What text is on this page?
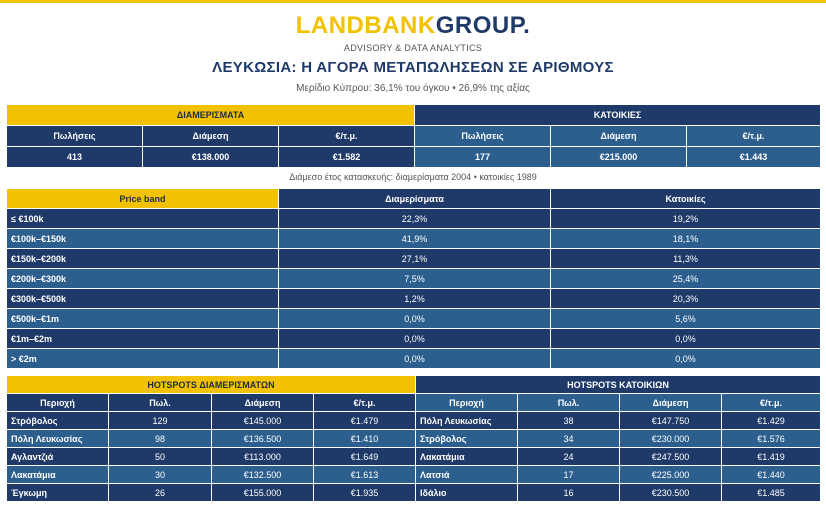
LANDBANKGROUP.
ADVISORY & DATA ANALYTICS
ΛΕΥΚΩΣΙΑ: Η ΑΓΟΡΑ ΜΕΤΑΠΩΛΗΣΕΩΝ ΣΕ ΑΡΙΘΜΟΥΣ
Μερίδιο Κύπρου: 36,1% του όγκου • 26,9% της αξίας
ΔΙΑΜΕΡΙΣΜΑΤΑ			ΚΑΤΟΙΚΙΕΣ		
Πωλήσεις	Διάμεση	€/τ.μ.	Πωλήσεις	Διάμεση	€/τ.μ.
413	€138.000	€1.582	177	€215.000	€1.443
Διάμεσο έτος κατασκευής: διαμερίσματα 2004 • κατοικίες 1989
Price band	Διαμερίσματα	Κατοικίες
≤ €100k	22,3%	19,2%
€100k–€150k	41,9%	18,1%
€150k–€200k	27,1%	11,3%
€200k–€300k	7,5%	25,4%
€300k–€500k	1,2%	20,3%
€500k–€1m	0,0%	5,6%
€1m–€2m	0,0%	0,0%
> €2m	0,0%	0,0%
HOTSPOTS ΔΙΑΜΕΡΙΣΜΑΤΩΝ				HOTSPOTS ΚΑΤΟΙΚΙΩΝ			
Περιοχή	Πωλ.	Διάμεση	€/τ.μ.	Περιοχή	Πωλ.	Διάμεση	€/τ.μ.
Στρόβολος	129	€145.000	€1.479	Πόλη Λευκωσίας	38	€147.750	€1.429
Πόλη Λευκωσίας	98	€136.500	€1.410	Στρόβολος	34	€230.000	€1.576
Αγλαντζιά	50	€113.000	€1.649	Λακατάμια	24	€247.500	€1.419
Λακατάμια	30	€132.500	€1.613	Λατσιά	17	€225.000	€1.440
Έγκωμη	26	€155.000	€1.935	Ιδάλιο	16	€230.500	€1.485
